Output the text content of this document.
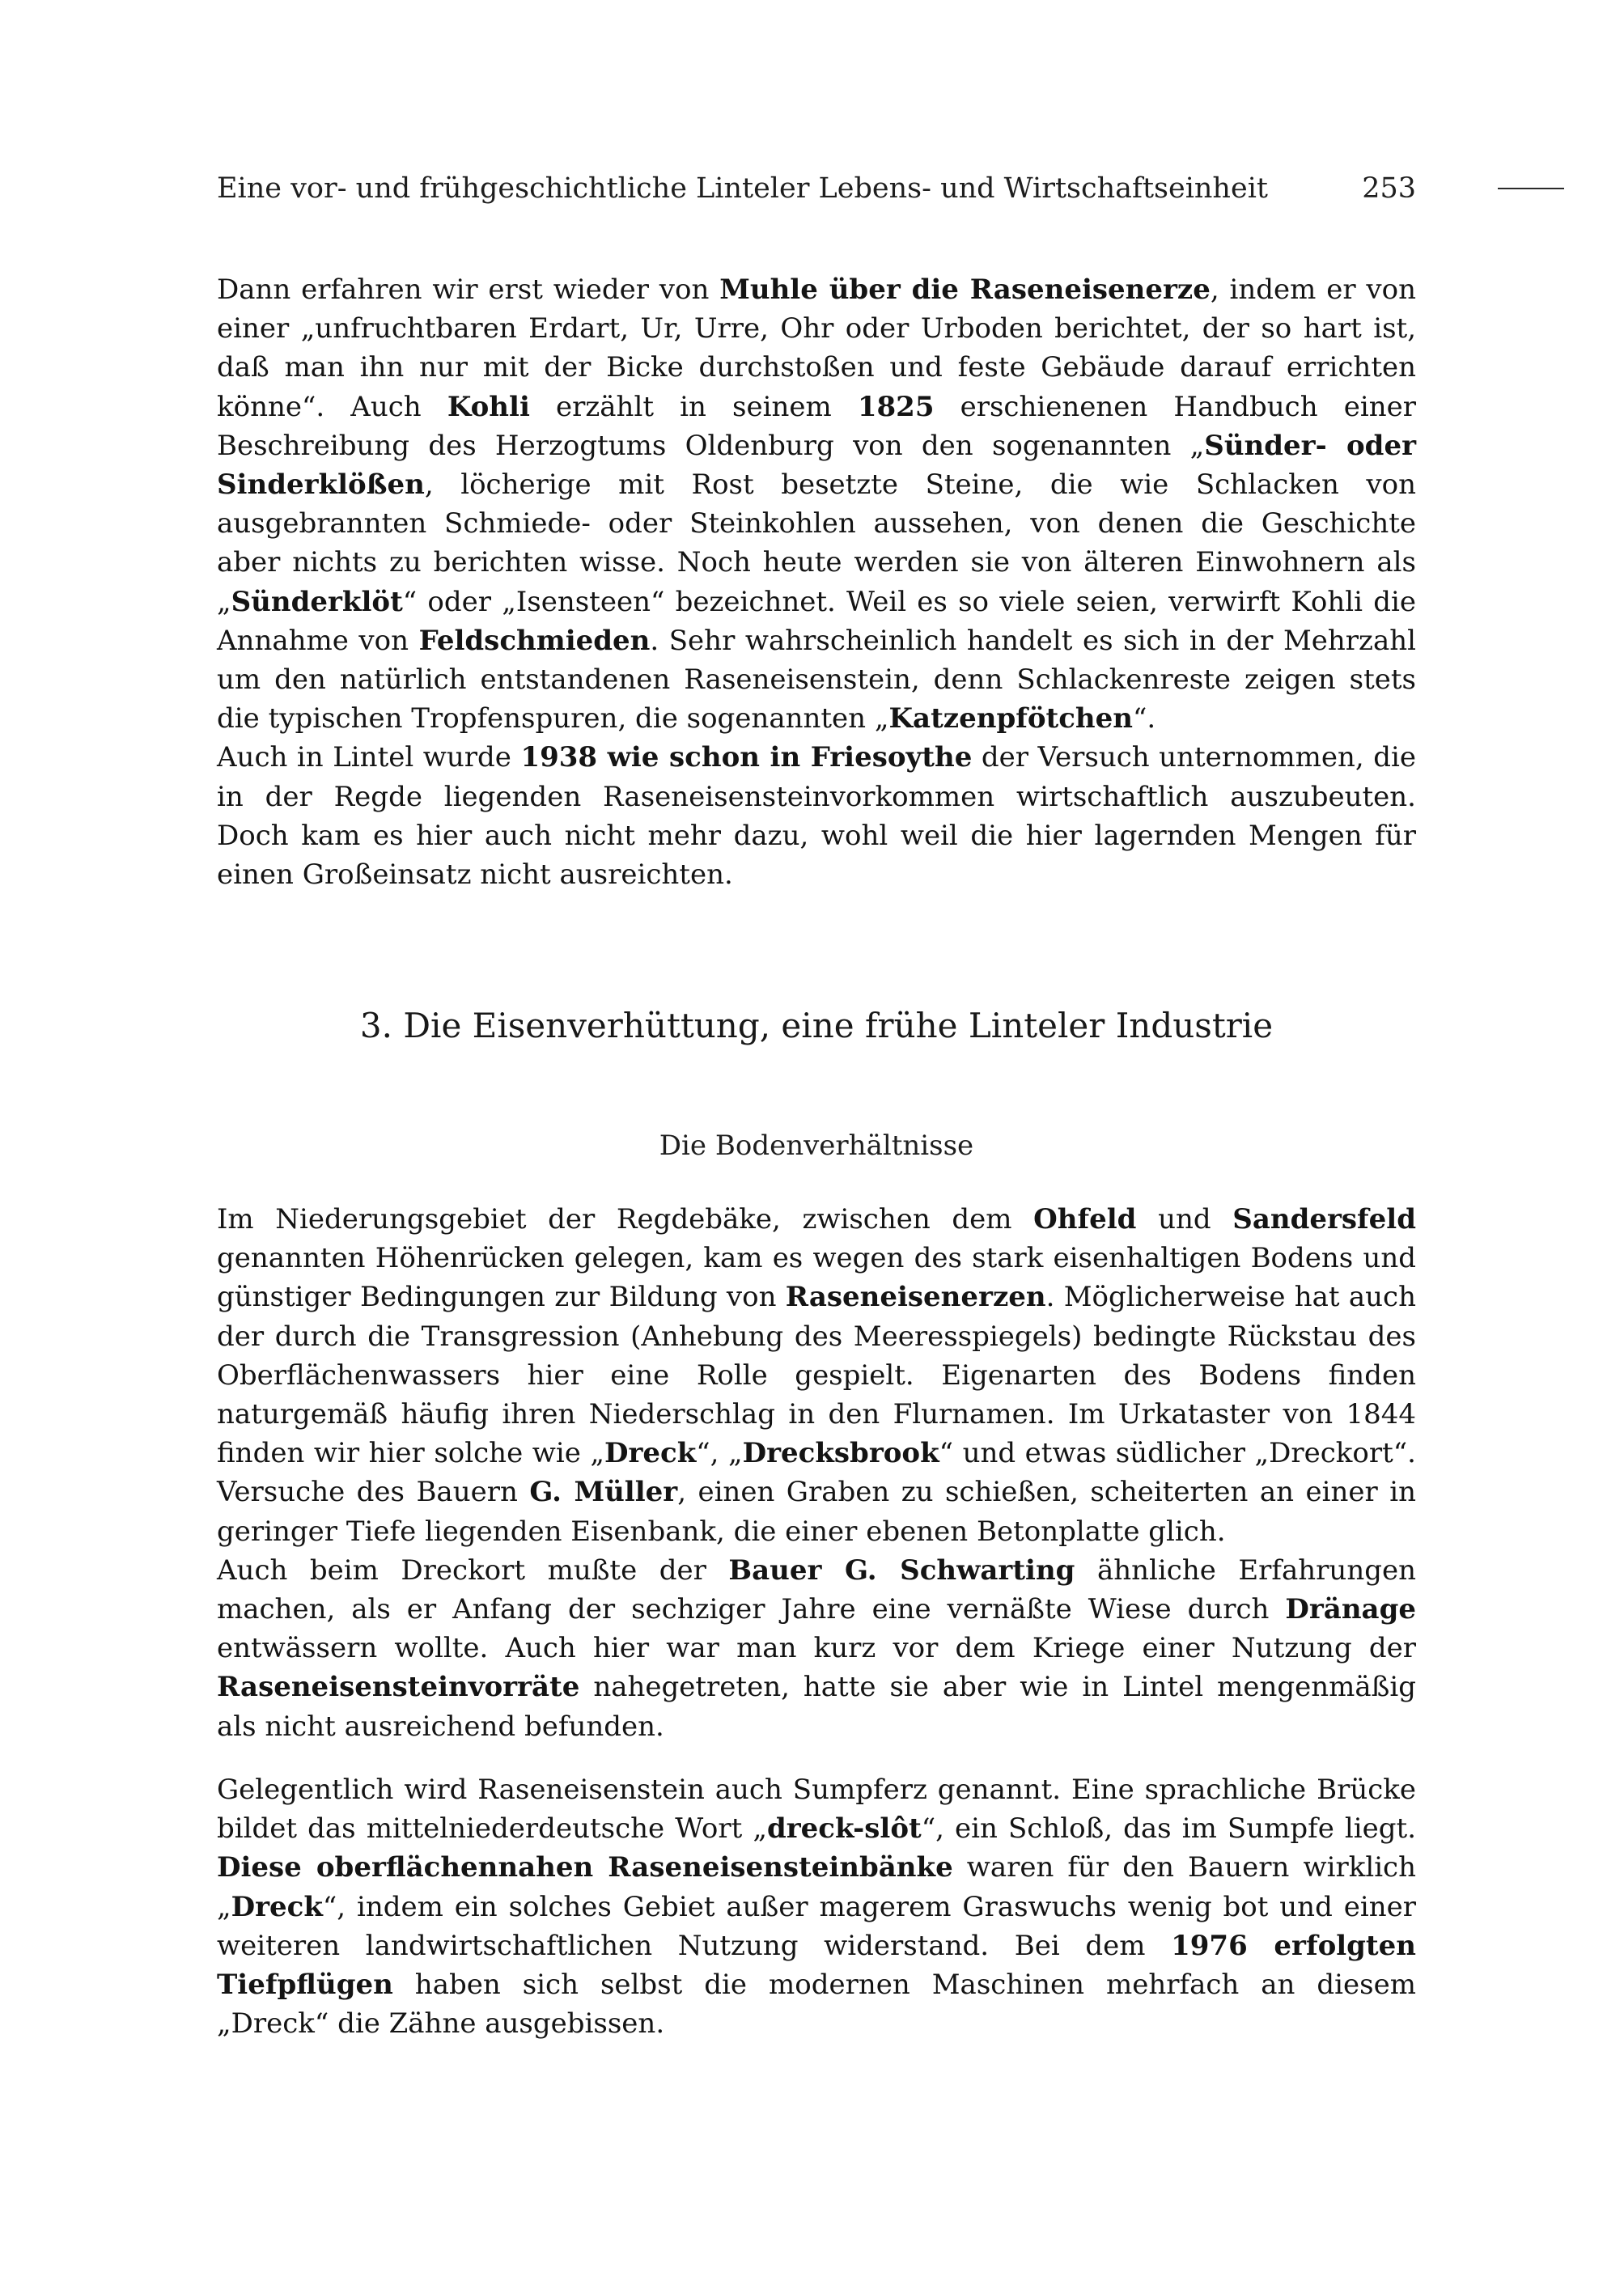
Eine vor- und frühgeschichtliche Linteler Lebens- und Wirtschaftseinheit	253

Dann erfahren wir erst wieder von Muhle über die Raseneisenerze, indem er von einer „unfruchtbaren Erdart, Ur, Urre, Ohr oder Urboden berichtet, der so hart ist, daß man ihn nur mit der Bicke durchstoßen und feste Gebäude darauf errichten könne“. Auch Kohli erzählt in seinem 1825 erschienenen Handbuch einer Beschreibung des Herzogtums Oldenburg von den sogenannten „Sünder- oder Sinderklößen, löcherige mit Rost besetzte Steine, die wie Schlacken von ausgebrannten Schmiede- oder Steinkohlen aussehen, von denen die Geschichte aber nichts zu berichten wisse. Noch heute werden sie von älteren Einwohnern als „Sünderklöt“ oder „Isensteen“ bezeichnet. Weil es so viele seien, verwirft Kohli die Annahme von Feldschmieden. Sehr wahrscheinlich handelt es sich in der Mehrzahl um den natürlich entstandenen Raseneisenstein, denn Schlackenreste zeigen stets die typischen Tropfenspuren, die sogenannten „Katzenpfötchen“.

Auch in Lintel wurde 1938 wie schon in Friesoythe der Versuch unternommen, die in der Regde liegenden Raseneisensteinvorkommen wirtschaftlich auszubeuten. Doch kam es hier auch nicht mehr dazu, wohl weil die hier lagernden Mengen für einen Großeinsatz nicht ausreichten.

3. Die Eisenverhüttung, eine frühe Linteler Industrie
Die Bodenverhältnisse

Im Niederungsgebiet der Regdebäke, zwischen dem Ohfeld und Sandersfeld genannten Höhenrücken gelegen, kam es wegen des stark eisenhaltigen Bodens und günstiger Bedingungen zur Bildung von Raseneisenerzen. Möglicherweise hat auch der durch die Transgression (Anhebung des Meeresspiegels) bedingte Rückstau des Oberflächenwassers hier eine Rolle gespielt. Eigenarten des Bodens finden naturgemäß häufig ihren Niederschlag in den Flurnamen. Im Urkataster von 1844 finden wir hier solche wie „Dreck“, „Drecksbrook“ und etwas südlicher „Dreckort“. Versuche des Bauern G. Müller, einen Graben zu schießen, scheiterten an einer in geringer Tiefe liegenden Eisenbank, die einer ebenen Betonplatte glich.

Auch beim Dreckort mußte der Bauer G. Schwarting ähnliche Erfahrungen machen, als er Anfang der sechziger Jahre eine vernäßte Wiese durch Dränage entwässern wollte. Auch hier war man kurz vor dem Kriege einer Nutzung der Raseneisensteinvorräte nahegetreten, hatte sie aber wie in Lintel mengenmäßig als nicht ausreichend befunden.

Gelegentlich wird Raseneisenstein auch Sumpferz genannt. Eine sprachliche Brücke bildet das mittelniederdeutsche Wort „dreck-slôt“, ein Schloß, das im Sumpfe liegt. Diese oberflächennahen Raseneisensteinbänke waren für den Bauern wirklich „Dreck“, indem ein solches Gebiet außer magerem Graswuchs wenig bot und einer weiteren landwirtschaftlichen Nutzung widerstand. Bei dem 1976 erfolgten Tiefpflügen haben sich selbst die modernen Maschinen mehrfach an diesem „Dreck“ die Zähne ausgebissen.
